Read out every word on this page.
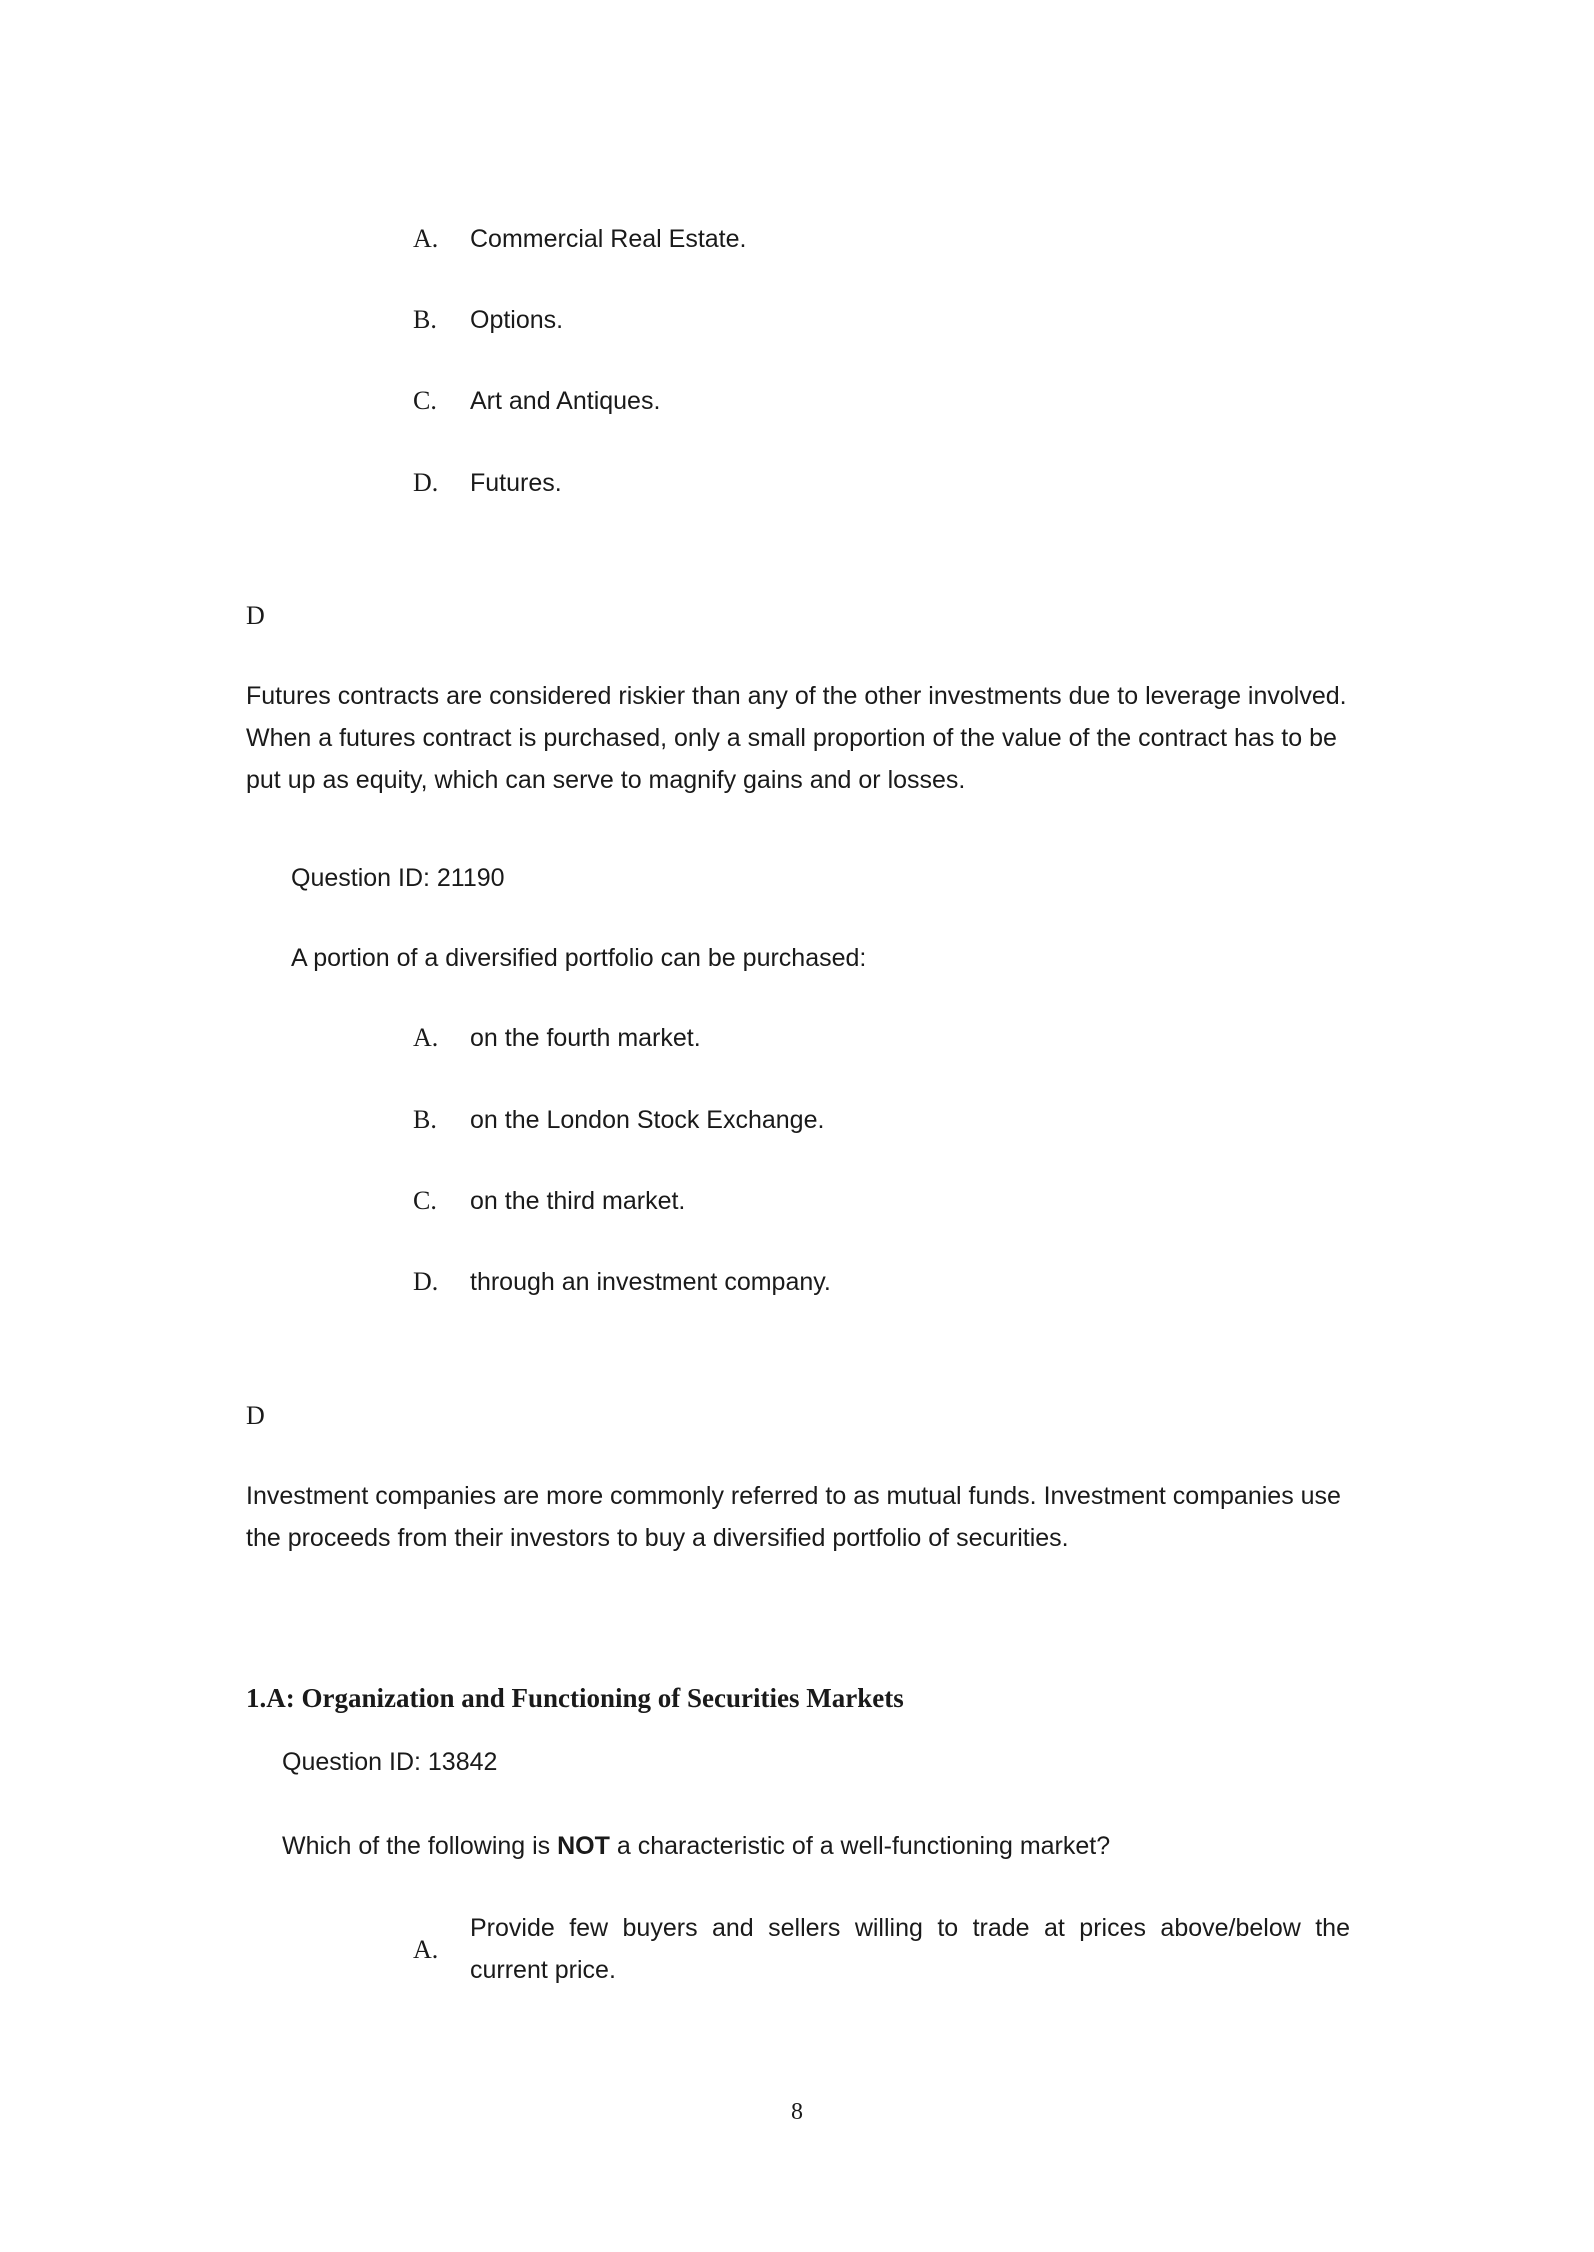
A. Commercial Real Estate.
B. Options.
C. Art and Antiques.
D. Futures.
D
Futures contracts are considered riskier than any of the other investments due to leverage involved. When a futures contract is purchased, only a small proportion of the value of the contract has to be put up as equity, which can serve to magnify gains and or losses.
Question ID: 21190
A portion of a diversified portfolio can be purchased:
A. on the fourth market.
B. on the London Stock Exchange.
C. on the third market.
D. through an investment company.
D
Investment companies are more commonly referred to as mutual funds. Investment companies use the proceeds from their investors to buy a diversified portfolio of securities.
1.A: Organization and Functioning of Securities Markets
Question ID: 13842
Which of the following is NOT a characteristic of a well-functioning market?
A.
Provide few buyers and sellers willing to trade at prices above/below the current price.
8
